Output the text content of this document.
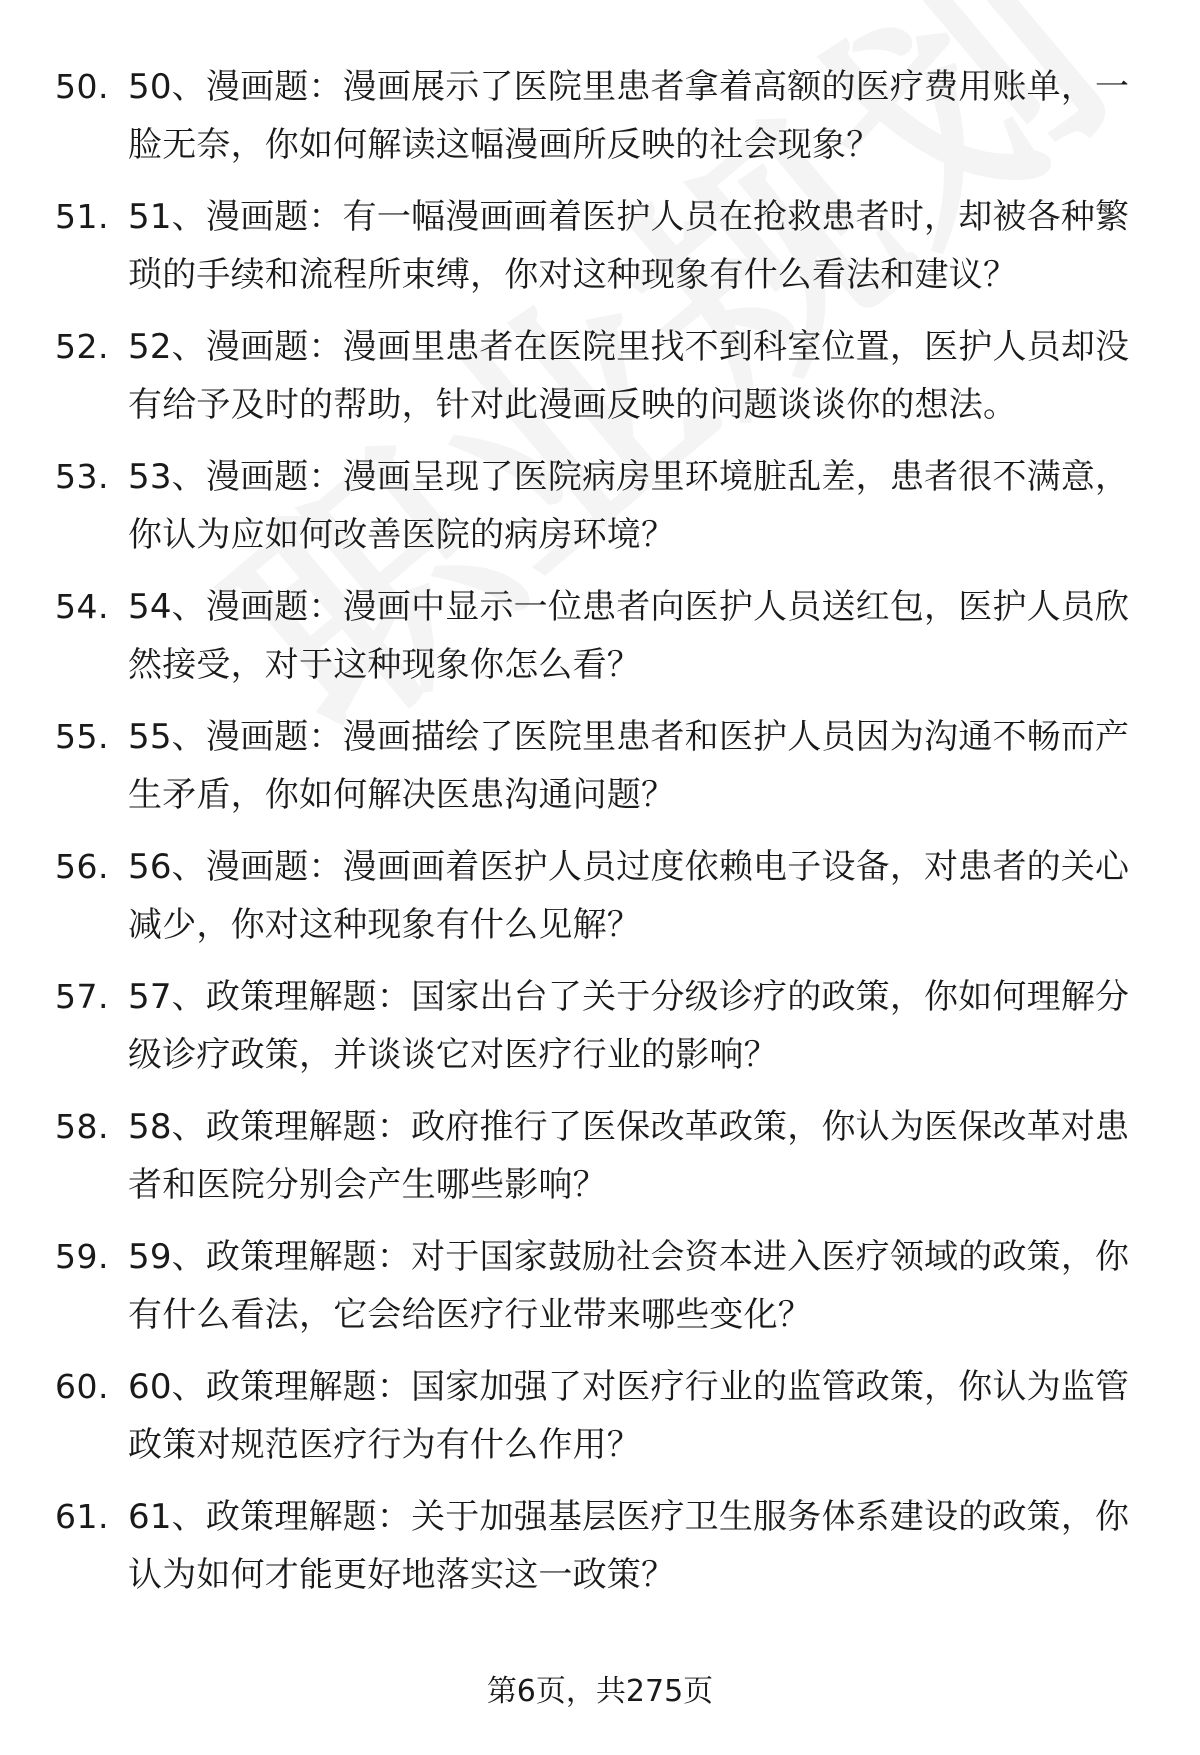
50. 50、漫画题：漫画展示了医院里患者拿着高额的医疗费用账单，一脸无奈，你如何解读这幅漫画所反映的社会现象？
51. 51、漫画题：有一幅漫画画着医护人员在抢救患者时，却被各种繁琐的手续和流程所束缚，你对这种现象有什么看法和建议？
52. 52、漫画题：漫画里患者在医院里找不到科室位置，医护人员却没有给予及时的帮助，针对此漫画反映的问题谈谈你的想法。
53. 53、漫画题：漫画呈现了医院病房里环境脏乱差，患者很不满意，你认为应如何改善医院的病房环境？
54. 54、漫画题：漫画中显示一位患者向医护人员送红包，医护人员欣然接受，对于这种现象你怎么看？
55. 55、漫画题：漫画描绘了医院里患者和医护人员因为沟通不畅而产生矛盾，你如何解决医患沟通问题？
56. 56、漫画题：漫画画着医护人员过度依赖电子设备，对患者的关心减少，你对这种现象有什么见解？
57. 57、政策理解题：国家出台了关于分级诊疗的政策，你如何理解分级诊疗政策，并谈谈它对医疗行业的影响？
58. 58、政策理解题：政府推行了医保改革政策，你认为医保改革对患者和医院分别会产生哪些影响？
59. 59、政策理解题：对于国家鼓励社会资本进入医疗领域的政策，你有什么看法，它会给医疗行业带来哪些变化？
60. 60、政策理解题：国家加强了对医疗行业的监管政策，你认为监管政策对规范医疗行为有什么作用？
61. 61、政策理解题：关于加强基层医疗卫生服务体系建设的政策，你认为如何才能更好地落实这一政策？
第6页，共275页
